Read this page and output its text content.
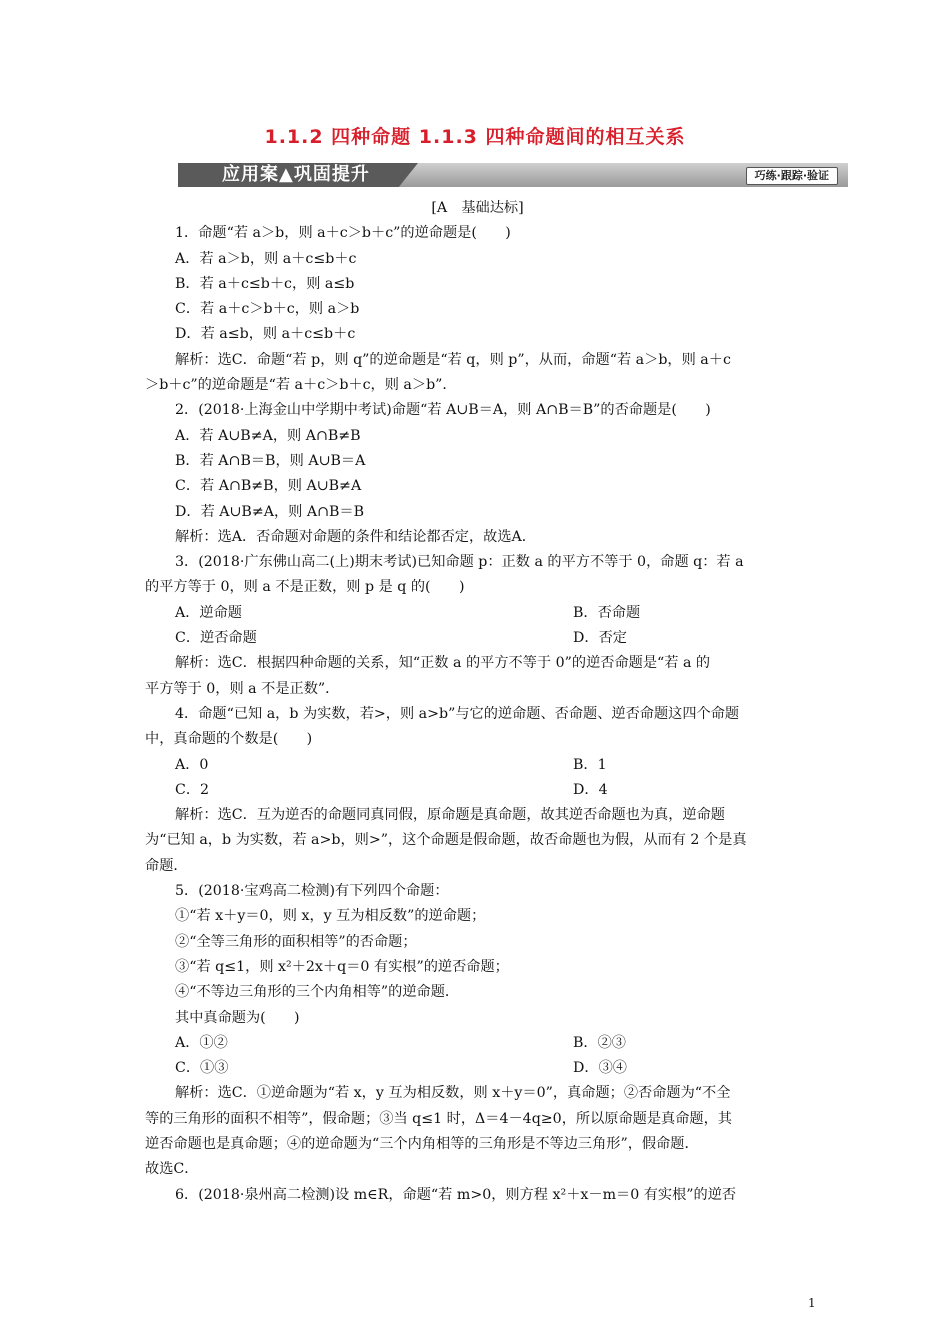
1.1.2 四种命题 1.1.3 四种命题间的相互关系
应用案▲巩固提升	巧练·跟踪·验证
[A　基础达标]
1．命题“若 a＞b，则 a＋c＞b＋c”的逆命题是(　　)
A．若 a＞b，则 a＋c≤b＋c
B．若 a＋c≤b＋c，则 a≤b
C．若 a＋c＞b＋c，则 a＞b
D．若 a≤b，则 a＋c≤b＋c
解析：选C．命题“若 p，则 q”的逆命题是“若 q，则 p”，从而，命题“若 a＞b，则 a＋c
＞b＋c”的逆命题是“若 a＋c＞b＋c，则 a＞b”．
2．(2018·上海金山中学期中考试)命题“若 A∪B＝A，则 A∩B＝B”的否命题是(　　)
A．若 A∪B≠A，则 A∩B≠B
B．若 A∩B＝B，则 A∪B＝A
C．若 A∩B≠B，则 A∪B≠A
D．若 A∪B≠A，则 A∩B＝B
解析：选A．否命题对命题的条件和结论都否定，故选A．
3．(2018·广东佛山高二(上)期末考试)已知命题 p：正数 a 的平方不等于 0，命题 q：若 a
的平方等于 0，则 a 不是正数，则 p 是 q 的(　　)
A．逆命题	B．否命题
C．逆否命题	D．否定
解析：选C．根据四种命题的关系，知“正数 a 的平方不等于 0”的逆否命题是“若 a 的
平方等于 0，则 a 不是正数”．
4．命题“已知 a，b 为实数，若>，则 a>b”与它的逆命题、否命题、逆否命题这四个命题
中，真命题的个数是(　　)
A．0	B．1
C．2	D．4
解析：选C．互为逆否的命题同真同假，原命题是真命题，故其逆否命题也为真，逆命题
为“已知 a，b 为实数，若 a>b，则>”，这个命题是假命题，故否命题也为假，从而有 2 个是真
命题．
5．(2018·宝鸡高二检测)有下列四个命题：
①“若 x＋y＝0，则 x，y 互为相反数”的逆命题；
②“全等三角形的面积相等”的否命题；
③“若 q≤1，则 x²＋2x＋q＝0 有实根”的逆否命题；
④“不等边三角形的三个内角相等”的逆命题．
其中真命题为(　　)
A．①②	B．②③
C．①③	D．③④
解析：选C．①逆命题为“若 x，y 互为相反数，则 x＋y＝0”，真命题；②否命题为“不全
等的三角形的面积不相等”，假命题；③当 q≤1 时，Δ＝4－4q≥0，所以原命题是真命题，其
逆否命题也是真命题；④的逆命题为“三个内角相等的三角形是不等边三角形”，假命题．
故选C．
6．(2018·泉州高二检测)设 m∈R，命题“若 m>0，则方程 x²＋x－m＝0 有实根”的逆否
1
